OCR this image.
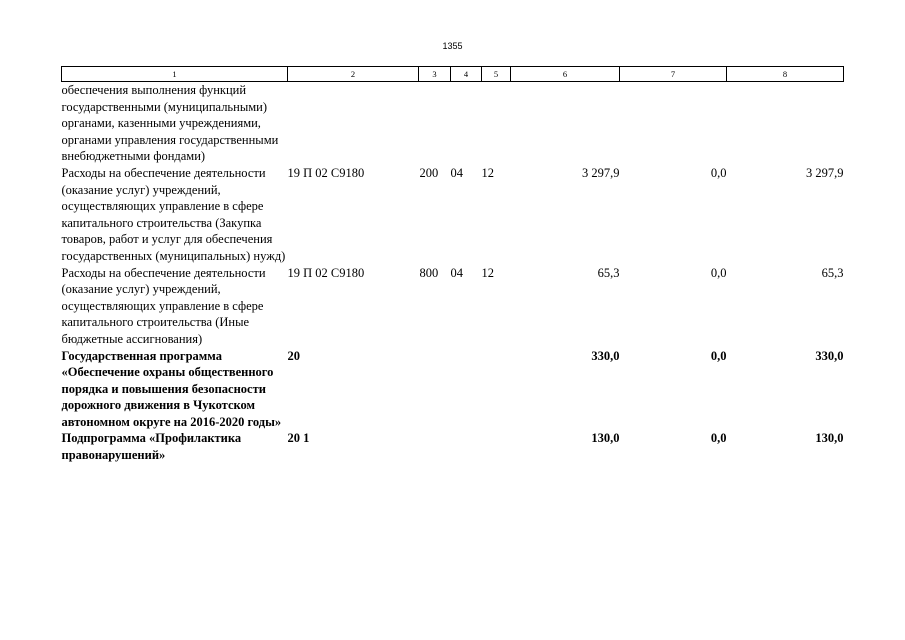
1355
1	2	3	4	5	6	7	8
обеспечения выполнения функций государственными (муниципальными) органами, казенными учреждениями, органами управления государственными внебюджетными фондами)							
Расходы на обеспечение деятельности (оказание услуг) учреждений, осуществляющих управление в сфере капитального строительства (Закупка товаров, работ и услуг для обеспечения государственных (муниципальных) нужд)	19 П 02 С9180	200	04	12	3 297,9	0,0	3 297,9
Расходы на обеспечение деятельности (оказание услуг) учреждений, осуществляющих управление в сфере капитального строительства (Иные бюджетные ассигнования)	19 П 02 С9180	800	04	12	65,3	0,0	65,3
Государственная программа «Обеспечение охраны общественного порядка и повышения безопасности дорожного движения в Чукотском автономном округе на 2016-2020 годы»	20				330,0	0,0	330,0
Подпрограмма «Профилактика правонарушений»	20 1				130,0	0,0	130,0
